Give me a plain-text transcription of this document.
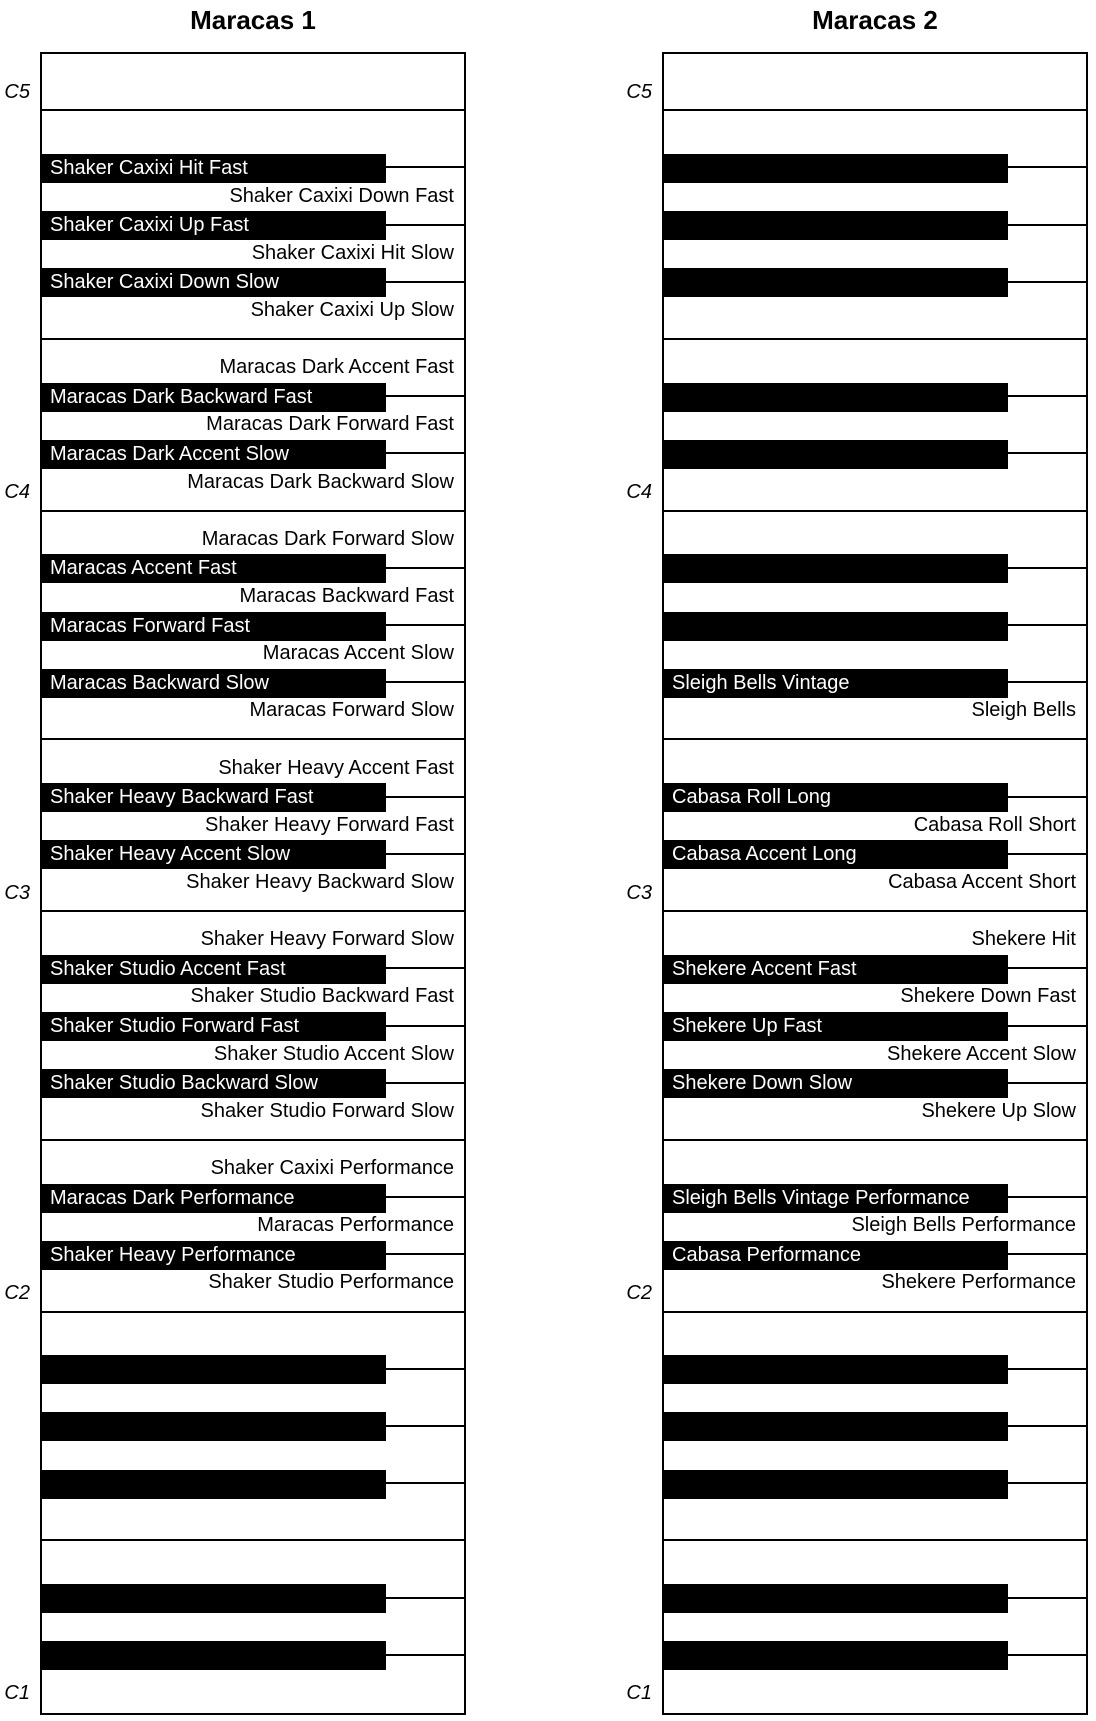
Maracas 1	Maracas 2
Shaker Caxixi Down Fast
Shaker Caxixi Hit Slow
Shaker Caxixi Up Slow
Maracas Dark Accent Fast
Maracas Dark Forward Fast
Maracas Dark Backward Slow
Maracas Dark Forward Slow
Maracas Backward Fast
Maracas Accent Slow
Maracas Forward Slow
Shaker Heavy Accent Fast
Shaker Heavy Forward Fast
Shaker Heavy Backward Slow
Shaker Heavy Forward Slow
Shaker Studio Backward Fast
Shaker Studio Accent Slow
Shaker Studio Forward Slow
Shaker Caxixi Performance
Maracas Performance
Shaker Studio Performance
Shaker Caxixi Hit Fast
Shaker Caxixi Up Fast
Shaker Caxixi Down Slow
Maracas Dark Backward Fast
Maracas Dark Accent Slow
Maracas Accent Fast
Maracas Forward Fast
Maracas Backward Slow
Shaker Heavy Backward Fast
Shaker Heavy Accent Slow
Shaker Studio Accent Fast
Shaker Studio Forward Fast
Shaker Studio Backward Slow
Maracas Dark Performance
Shaker Heavy Performance
Sleigh Bells
Cabasa Roll Short
Cabasa Accent Short
Shekere Hit
Shekere Down Fast
Shekere Accent Slow
Shekere Up Slow
Sleigh Bells Performance
Shekere Performance
Sleigh Bells Vintage
Cabasa Roll Long
Cabasa Accent Long
Shekere Accent Fast
Shekere Up Fast
Shekere Down Slow
Sleigh Bells Vintage Performance
Cabasa Performance
C5
C4
C3
C2
C1
C5
C4
C3
C2
C1
